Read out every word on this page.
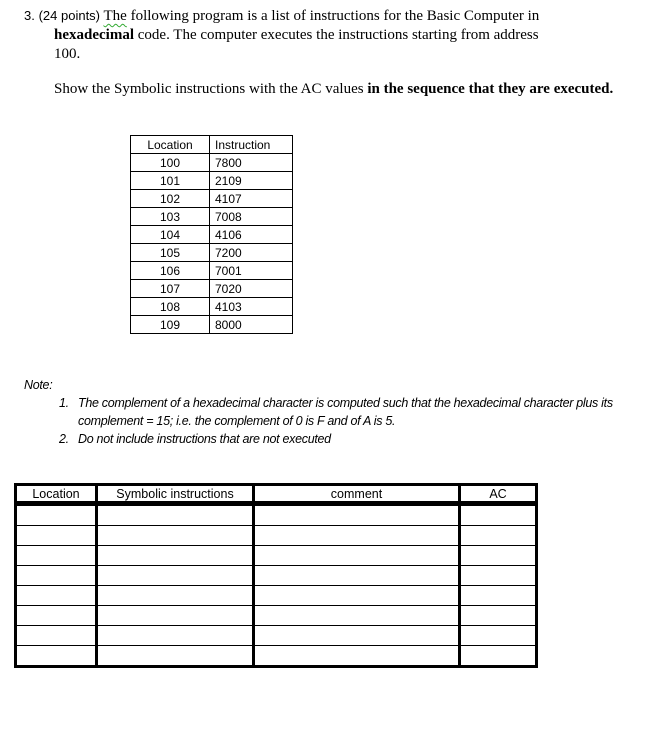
3. (24 points) The following program is a list of instructions for the Basic Computer in
hexadecimal code. The computer executes the instructions starting from address
100.
Show the Symbolic instructions with the AC values in the sequence that they are executed.
Location	Instruction
100	7800
101	2109
102	4107
103	7008
104	4106
105	7200
106	7001
107	7020
108	4103
109	8000
Note:
1. The complement of a hexadecimal character is computed such that the hexadecimal character plus its complement = 15; i.e. the complement of 0 is F and of A is 5.
2. Do not include instructions that are not executed
Location	Symbolic instructions	comment	AC
